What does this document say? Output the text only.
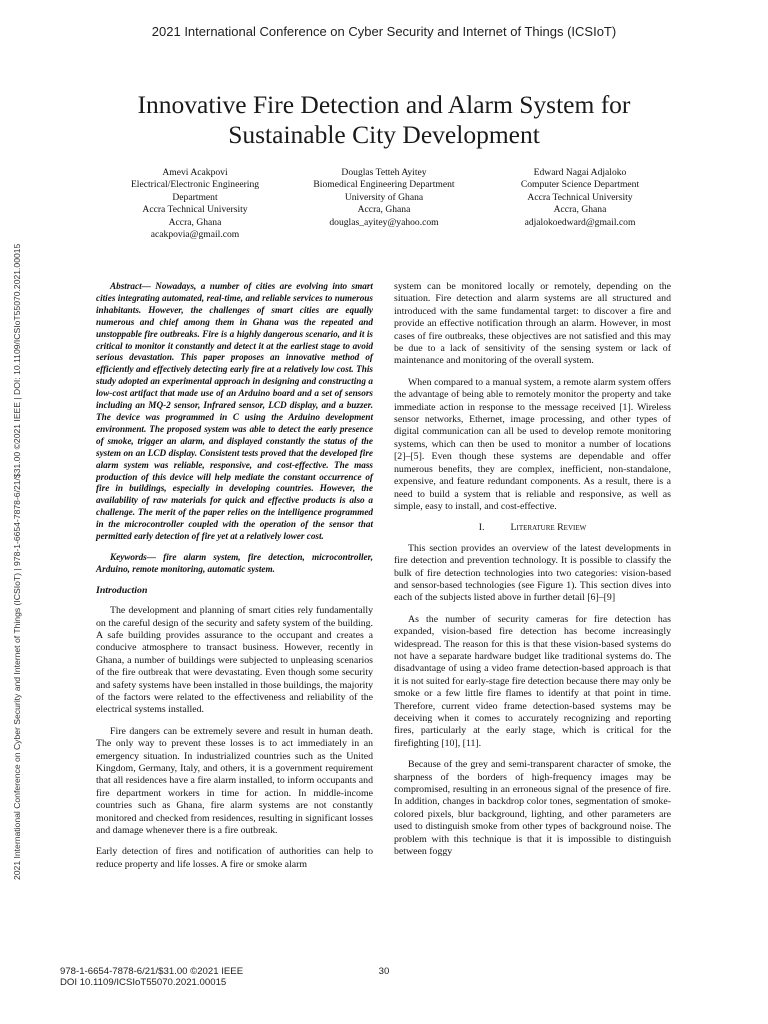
2021 International Conference on Cyber Security and Internet of Things (ICSIoT)
2021 International Conference on Cyber Security and Internet of Things (ICSIoT) | 978-1-6654-7878-6/21/$31.00 ©2021 IEEE | DOI: 10.1109/ICSIoT55070.2021.00015
Innovative Fire Detection and Alarm System for
Sustainable City Development
Amevi Acakpovi
Electrical/Electronic Engineering
Department
Accra Technical University
Accra, Ghana
acakpovia@gmail.com
Douglas Tetteh Ayitey
Biomedical Engineering Department
University of Ghana
Accra, Ghana
douglas_ayitey@yahoo.com
Edward Nagai Adjaloko
Computer Science Department
Accra Technical University
Accra, Ghana
adjalokoedward@gmail.com

Abstract— Nowadays, a number of cities are evolving into smart cities integrating automated, real-time, and reliable services to numerous inhabitants. However, the challenges of smart cities are equally numerous and chief among them in Ghana was the repeated and unstoppable fire outbreaks. Fire is a highly dangerous scenario, and it is critical to monitor it constantly and detect it at the earliest stage to avoid serious devastation. This paper proposes an innovative method of efficiently and effectively detecting early fire at a relatively low cost. This study adopted an experimental approach in designing and constructing a low-cost artifact that made use of an Arduino board and a set of sensors including an MQ-2 sensor, Infrared sensor, LCD display, and a buzzer. The device was programmed in C using the Arduino development environment. The proposed system was able to detect the early presence of smoke, trigger an alarm, and displayed constantly the status of the system on an LCD display. Consistent tests proved that the developed fire alarm system was reliable, responsive, and cost-effective. The mass production of this device will help mediate the constant occurrence of fire in buildings, especially in developing countries. However, the availability of raw materials for quick and effective products is also a challenge. The merit of the paper relies on the intelligence programmed in the microcontroller coupled with the operation of the sensor that permitted early detection of fire yet at a relatively lower cost.

Keywords— fire alarm system, fire detection, microcontroller, Arduino, remote monitoring, automatic system.

Introduction

The development and planning of smart cities rely fundamentally on the careful design of the security and safety system of the building. A safe building provides assurance to the occupant and creates a conducive atmosphere to transact business. However, recently in Ghana, a number of buildings were subjected to unpleasing scenarios of the fire outbreak that were devastating. Even though some security and safety systems have been installed in those buildings, the majority of the factors were related to the effectiveness and reliability of the electrical systems installed.

Fire dangers can be extremely severe and result in human death. The only way to prevent these losses is to act immediately in an emergency situation. In industrialized countries such as the United Kingdom, Germany, Italy, and others, it is a government requirement that all residences have a fire alarm installed, to inform occupants and fire department workers in time for action. In middle-income countries such as Ghana, fire alarm systems are not constantly monitored and checked from residences, resulting in significant losses and damage whenever there is a fire outbreak.

Early detection of fires and notification of authorities can help to reduce property and life losses. A fire or smoke alarm

system can be monitored locally or remotely, depending on the situation. Fire detection and alarm systems are all structured and introduced with the same fundamental target: to discover a fire and provide an effective notification through an alarm. However, in most cases of fire outbreaks, these objectives are not satisfied and this may be due to a lack of sensitivity of the sensing system or lack of maintenance and monitoring of the overall system.

When compared to a manual system, a remote alarm system offers the advantage of being able to remotely monitor the property and take immediate action in response to the message received [1]. Wireless sensor networks, Ethernet, image processing, and other types of digital communication can all be used to develop remote monitoring systems, which can then be used to monitor a number of locations [2]–[5]. Even though these systems are dependable and offer numerous benefits, they are complex, inefficient, non-standalone, expensive, and feature redundant components. As a result, there is a need to build a system that is reliable and responsive, as well as simple, easy to install, and cost-effective.

I.	Literature Review

This section provides an overview of the latest developments in fire detection and prevention technology. It is possible to classify the bulk of fire detection technologies into two categories: vision-based and sensor-based technologies (see Figure 1). This section dives into each of the subjects listed above in further detail [6]–[9]

As the number of security cameras for fire detection has expanded, vision-based fire detection has become increasingly widespread. The reason for this is that these vision-based systems do not have a separate hardware budget like traditional systems do. The disadvantage of using a video frame detection-based approach is that it is not suited for early-stage fire detection because there may only be smoke or a few little fire flames to identify at that point in time. Therefore, current video frame detection-based systems may be deceiving when it comes to accurately recognizing and reporting fires, particularly at the early stage, which is critical for the firefighting [10], [11].

Because of the grey and semi-transparent character of smoke, the sharpness of the borders of high-frequency images may be compromised, resulting in an erroneous signal of the presence of fire. In addition, changes in backdrop color tones, segmentation of smoke-colored pixels, blur background, lighting, and other parameters are used to distinguish smoke from other types of background noise. The problem with this technique is that it is impossible to distinguish between foggy

978-1-6654-7878-6/21/$31.00 ©2021 IEEE
DOI 10.1109/ICSIoT55070.2021.00015
30
